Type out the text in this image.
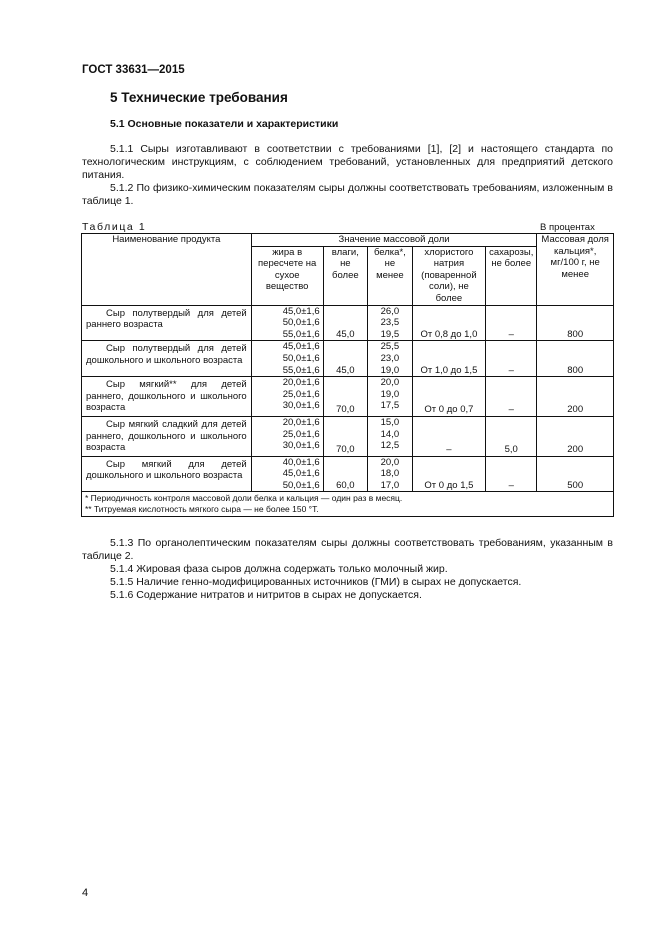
ГОСТ 33631—2015
5 Технические требования
5.1 Основные показатели и характеристики
5.1.1 Сыры изготавливают в соответствии с требованиями [1], [2] и настоящего стандарта по технологическим инструкциям, с соблюдением требований, установленных для предприятий детского питания.
5.1.2 По физико-химическим показателям сыры должны соответствовать требованиям, изложенным в таблице 1.
Таблица 1	В процентах
Наименование продукта	Значение массовой доли					Массовая доля кальция*, мг/100 г, не менее
	жира в пересчете на сухое вещество	влаги, не более	белка*, не менее	хлористого натрия (поваренной соли), не более	сахарозы, не более	
Сыр полутвердый для детей раннего возраста	45,0±1,6
50,0±1,6
55,0±1,6	45,0	26,0
23,5
19,5	От 0,8 до 1,0	–	800
Сыр полутвердый для детей дошкольного и школьного возраста	45,0±1,6
50,0±1,6
55,0±1,6	45,0	25,5
23,0
19,0	От 1,0 до 1,5	–	800
Сыр мягкий** для детей раннего, дошкольного и школьного возраста	20,0±1,6
25,0±1,6
30,0±1,6	70,0	20,0
19,0
17,5	От 0 до 0,7	–	200
Сыр мягкий сладкий для детей раннего, дошкольного и школьного возраста	20,0±1,6
25,0±1,6
30,0±1,6	70,0	15,0
14,0
12,5	–	5,0	200
Сыр мягкий для детей дошкольного и школьного возраста	40,0±1,6
45,0±1,6
50,0±1,6	60,0	20,0
18,0
17,0	От 0 до 1,5	–	500

* Периодичность контроля массовой доли белка и кальция — один раз в месяц.
** Титруемая кислотность мягкого сыра — не более 150 °Т.						
5.1.3 По органолептическим показателям сыры должны соответствовать требованиям, указанным в таблице 2.
5.1.4 Жировая фаза сыров должна содержать только молочный жир.
5.1.5 Наличие генно-модифицированных источников (ГМИ) в сырах не допускается.
5.1.6 Содержание нитратов и нитритов в сырах не допускается.
4
